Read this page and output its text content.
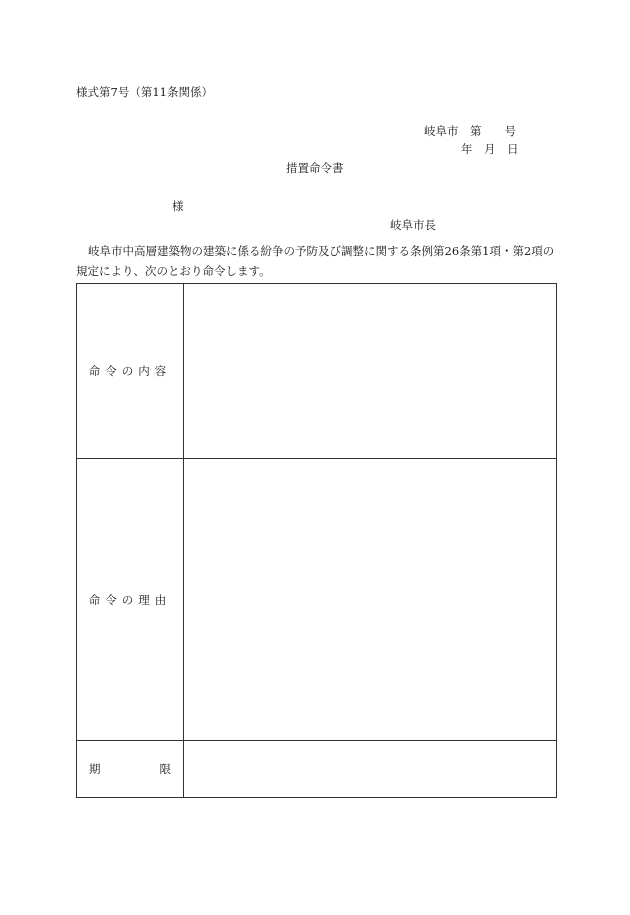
様式第7号（第11条関係）
岐阜市　第　　号
年　月　日
措置命令書
様
岐阜市長
岐阜市中高層建築物の建築に係る紛争の予防及び調整に関する条例第26条第1項・第2項の規定により、次のとおり命令します。
命令の内容	
命令の理由	
期　　限	
